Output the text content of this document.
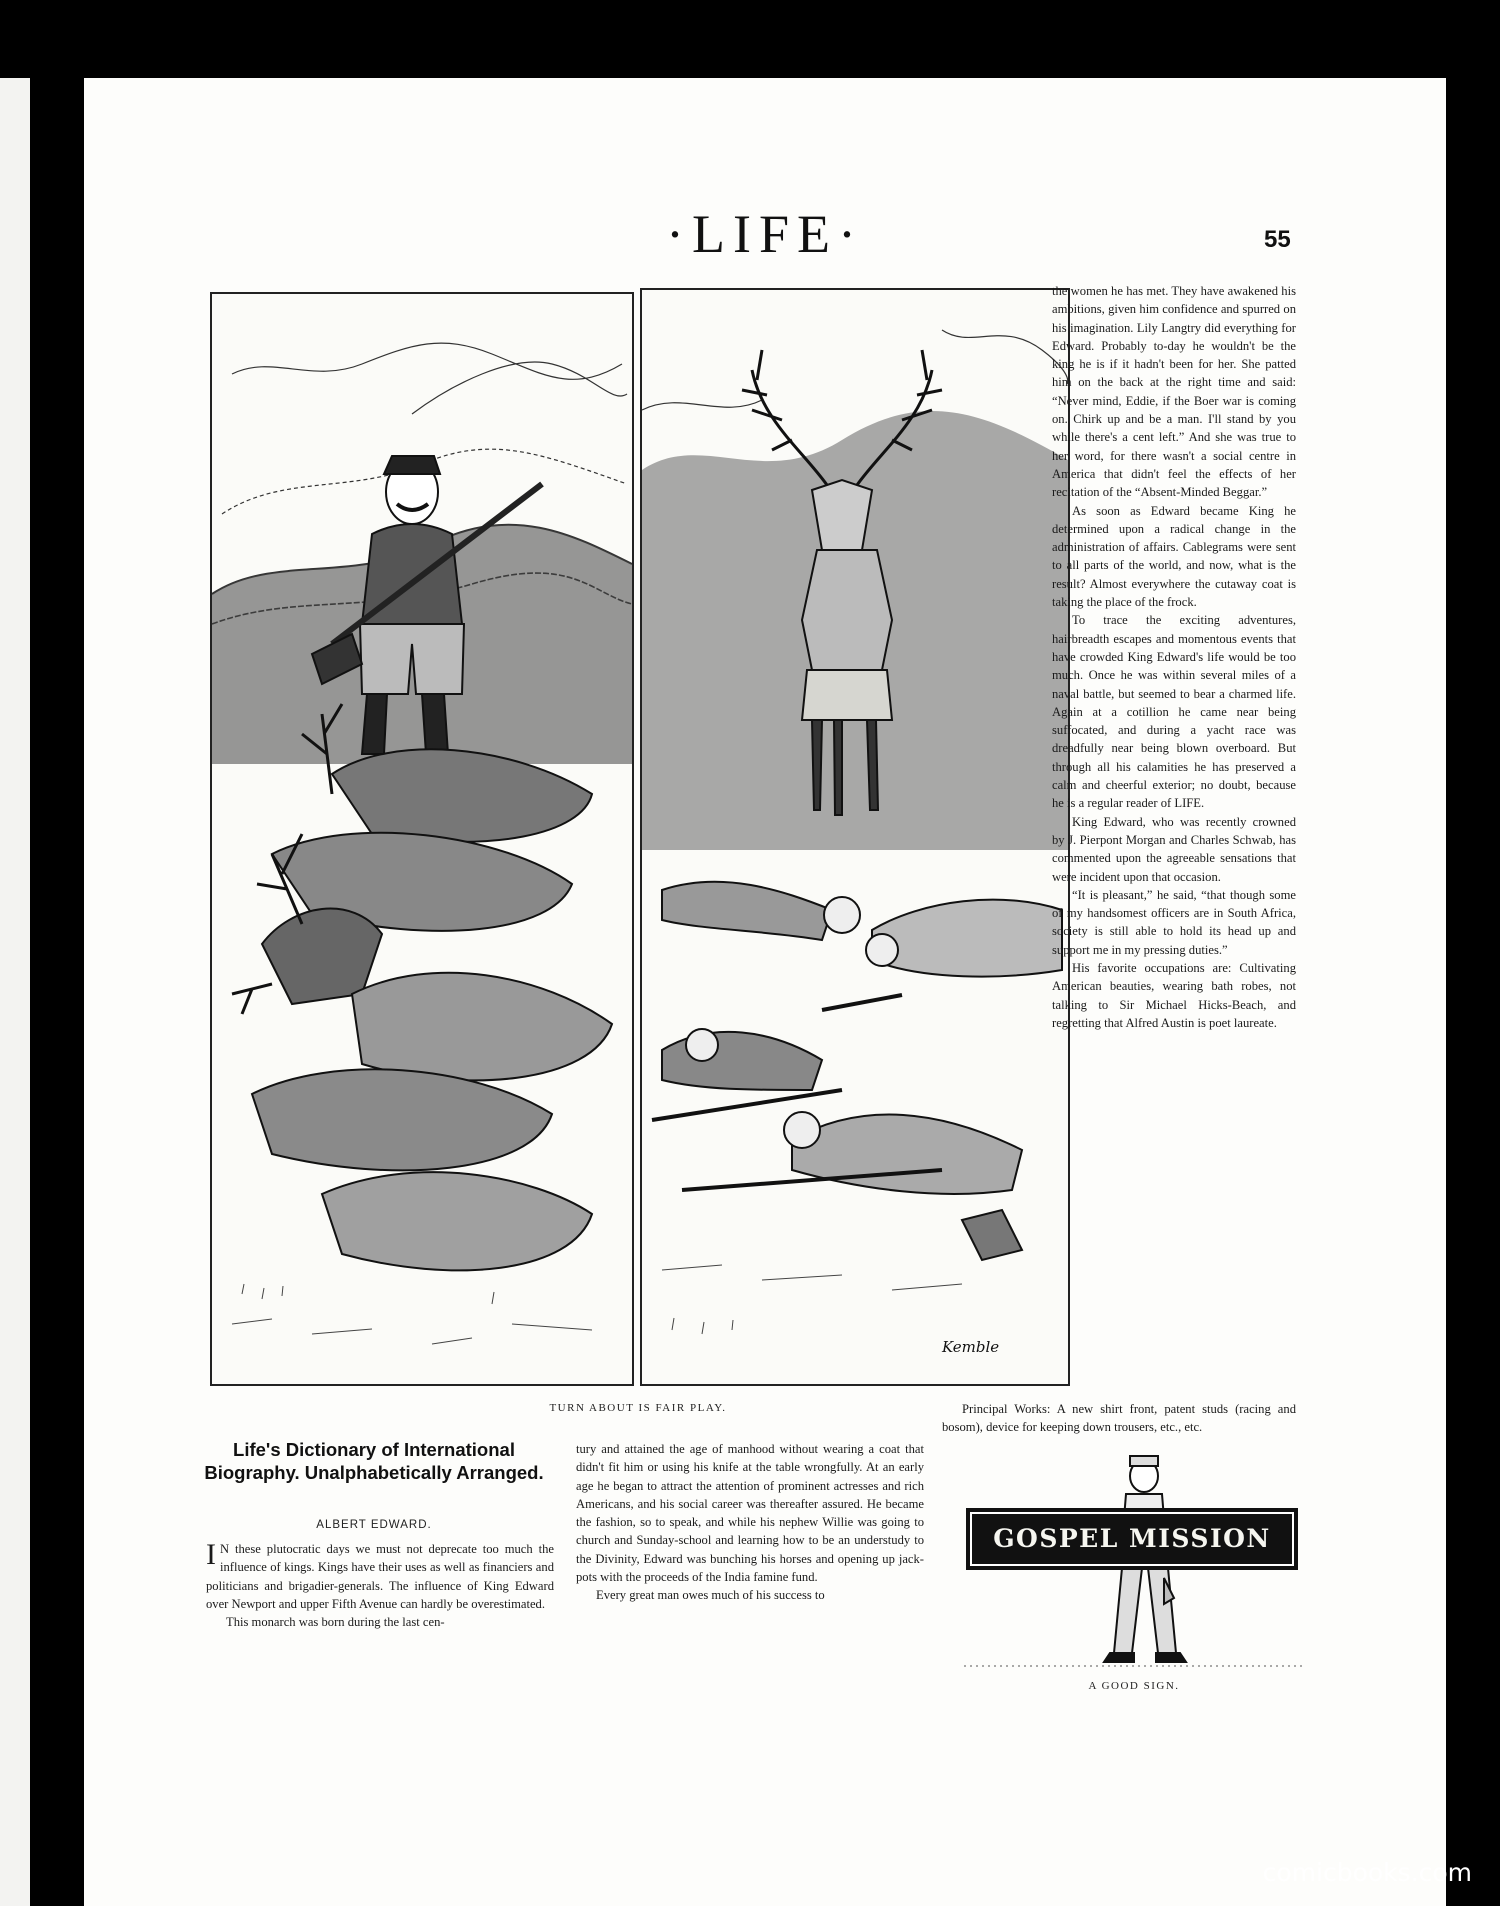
·LIFE·	55
Kemble
TURN ABOUT IS FAIR PLAY.

the women he has met. They have awakened his ambitions, given him confidence and spurred on his imagination. Lily Langtry did everything for Edward. Probably to-day he wouldn't be the king he is if it hadn't been for her. She patted him on the back at the right time and said: “Never mind, Eddie, if the Boer war is coming on. Chirk up and be a man. I'll stand by you while there's a cent left.” And she was true to her word, for there wasn't a social centre in America that didn't feel the effects of her recitation of the “Absent-Minded Beggar.”

As soon as Edward became King he determined upon a radical change in the administration of affairs. Cablegrams were sent to all parts of the world, and now, what is the result? Almost everywhere the cutaway coat is taking the place of the frock.

To trace the exciting adventures, hairbreadth escapes and momentous events that have crowded King Edward's life would be too much. Once he was within several miles of a naval battle, but seemed to bear a charmed life. Again at a cotillion he came near being suffocated, and during a yacht race was dreadfully near being blown overboard. But through all his calamities he has preserved a calm and cheerful exterior; no doubt, because he is a regular reader of LIFE.

King Edward, who was recently crowned by J. Pierpont Morgan and Charles Schwab, has commented upon the agreeable sensations that were incident upon that occasion.

“It is pleasant,” he said, “that though some of my handsomest officers are in South Africa, society is still able to hold its head up and support me in my pressing duties.”

His favorite occupations are: Cultivating American beauties, wearing bath robes, not talking to Sir Michael Hicks-Beach, and regretting that Alfred Austin is poet laureate.

Principal Works: A new shirt front, patent studs (racing and bosom), device for keeping down trousers, etc., etc.
Life's Dictionary of International Biography. Unalphabetically Arranged.
ALBERT EDWARD.

IN these plutocratic days we must not deprecate too much the influence of kings. Kings have their uses as well as financiers and politicians and brigadier-generals. The influence of King Edward over Newport and upper Fifth Avenue can hardly be overestimated.

This monarch was born during the last cen-

tury and attained the age of manhood without wearing a coat that didn't fit him or using his knife at the table wrongfully. At an early age he began to attract the attention of prominent actresses and rich Americans, and his social career was thereafter assured. He became the fashion, so to speak, and while his nephew Willie was going to church and Sunday-school and learning how to be an understudy to the Divinity, Edward was bunching his horses and opening up jack-pots with the proceeds of the India famine fund.

Every great man owes much of his success to

GOSPEL MISSION
A GOOD SIGN.
comicbooks.com
